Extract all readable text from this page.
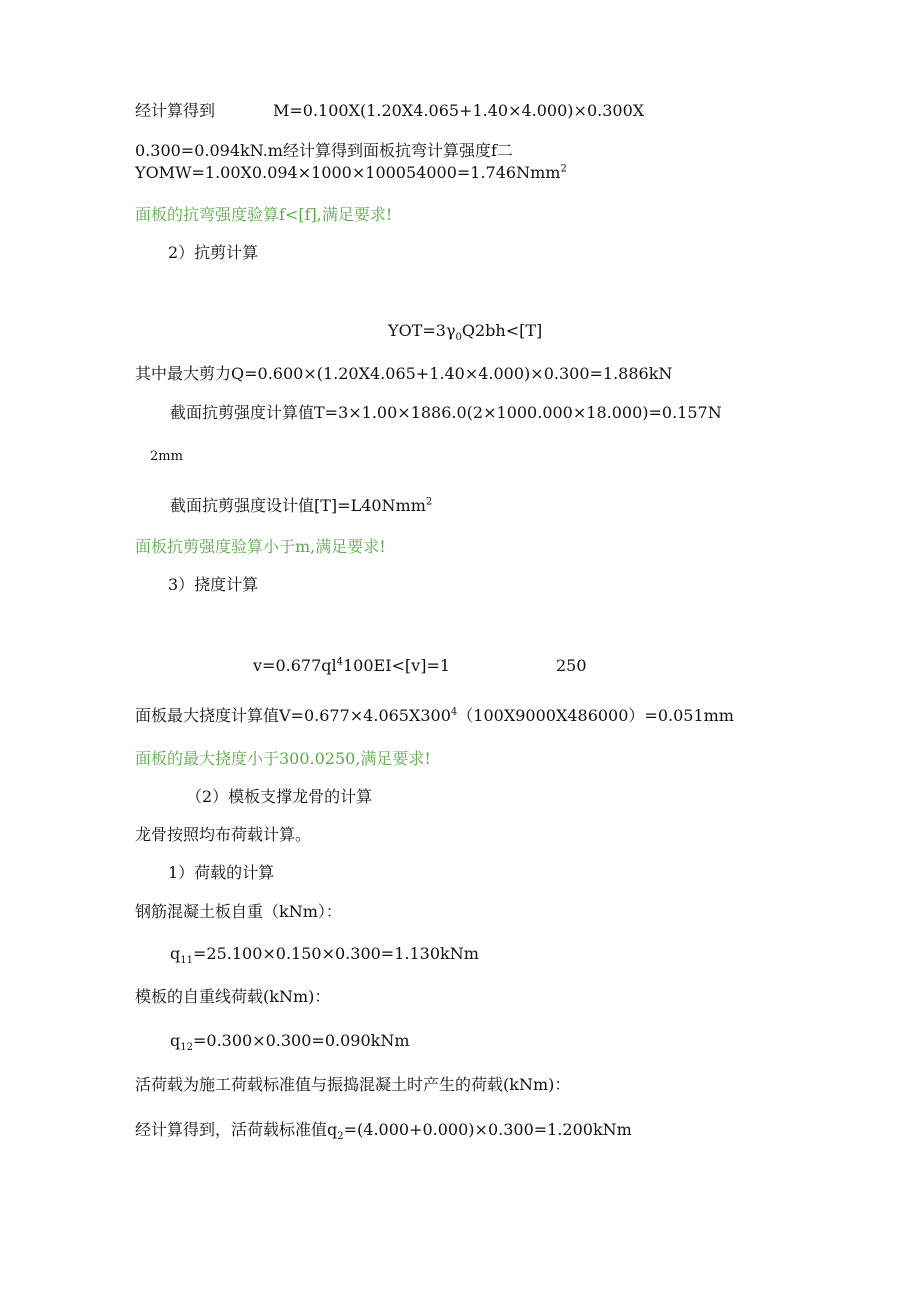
经计算得到	M=0.100X(1.20X4.065+1.40×4.000)×0.300X
0.300=0.094kN.m经计算得到面板抗弯计算强度f二
YOMW=1.00X0.094×1000×100054000=1.746Nmm$^2$
面板的抗弯强度验算f<[f],满足要求!
2）抗剪计算
$YOT=3\gamma_0Q2bh<[T]$
其中最大剪力Q=0.600×(1.20X4.065+1.40×4.000)×0.300=1.886kN
截面抗剪强度计算值T=3×1.00×1886.0(2×1000.000×18.000)=0.157N
2mm
截面抗剪强度设计值[T]=L40Nmm$^2$
面板抗剪强度验算小于m,满足要求!
3）挠度计算
$v=0.677ql^4100EI<[v]=1$	250
面板最大挠度计算值$V=0.677\times 4.065X300^4(100X9000X486000)=0.051mm$
面板的最大挠度小于300.0250,满足要求!
（2）模板支撑龙骨的计算
龙骨按照均布荷载计算。
1）荷载的计算
钢筋混凝土板自重（kNm）：
$q_{11}=25.100\times 0.150\times 0.300=1.130kNm$
模板的自重线荷载(kNm)：
$q_{12}=0.300\times 0.300=0.090kNm$
活荷载为施工荷载标准值与振捣混凝土时产生的荷载(kNm)：
经计算得到，活荷载标准值$q_2=(4.000+0.000)\times 0.300=1.200kNm$
